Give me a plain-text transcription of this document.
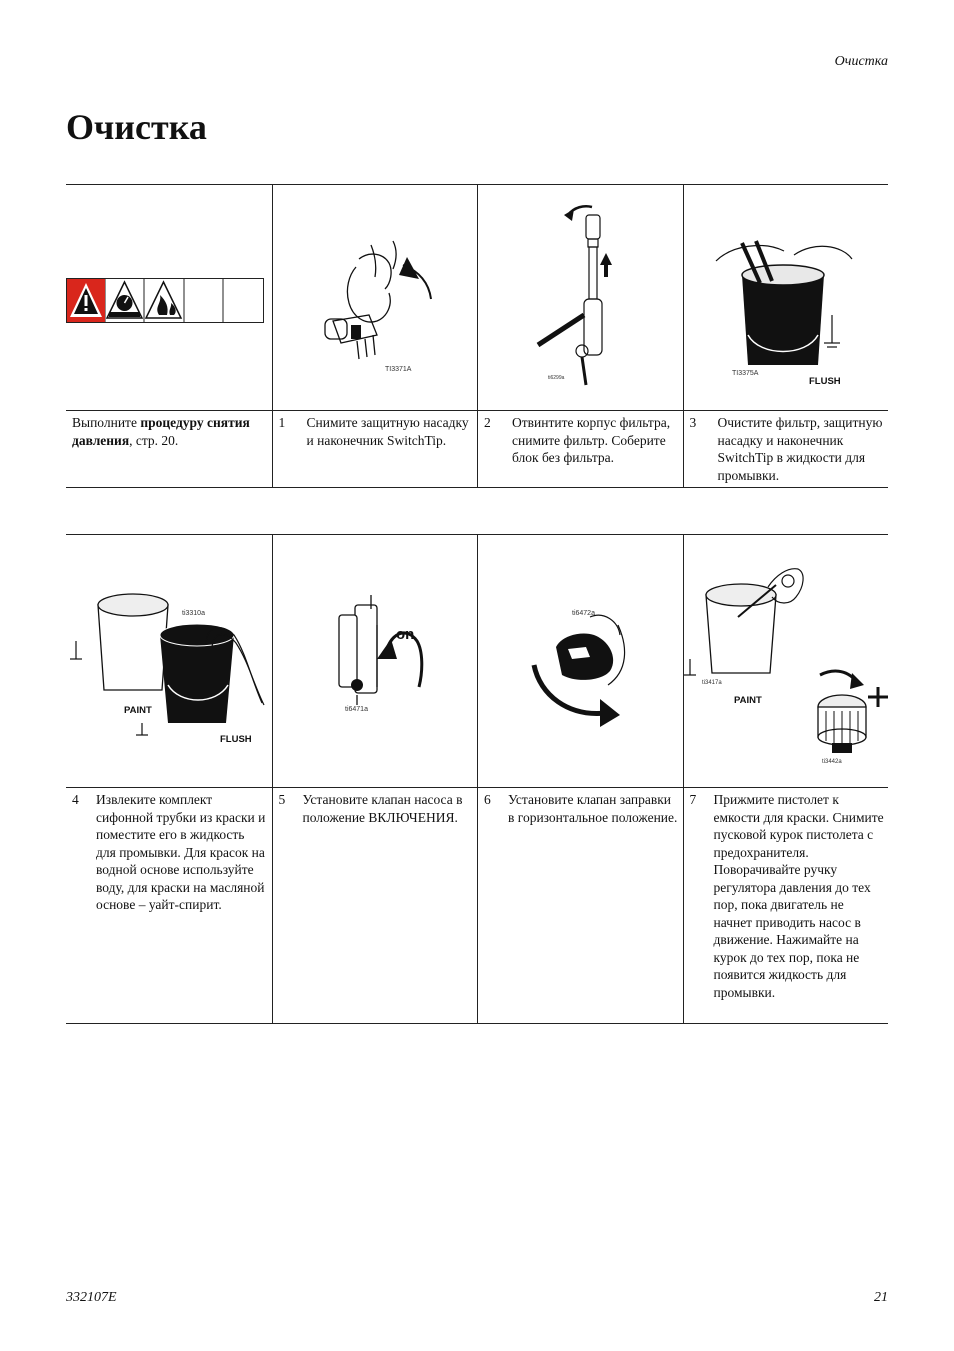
Очистка
Очистка
TI3371A
ti6299a
TI3375A
FLUSH
Выполните процедуру снятия давления, стр. 20.
1	Снимите защитную насадку и наконечник SwitchTip.
2	Отвинтите корпус фильтра, снимите фильтр. Соберите блок без фильтра.
3	Очистите фильтр, защитную насадку и наконечник SwitchTip в жидкости для промывки.
ti3310a
PAINT
FLUSH
on
ti6471a
ti6472a
ti3417a
PAINT
ti3442a
4	Извлеките комплект сифонной трубки из краски и поместите его в жидкость для промывки. Для красок на водной основе используйте воду, для краски на масляной основе – уайт-спирит.
5	Установите клапан насоса в положение ВКЛЮЧЕНИЯ.
6	Установите клапан заправки в горизонтальное положение.
7	Прижмите пистолет к емкости для краски. Снимите пусковой курок пистолета с предохранителя. Поворачивайте ручку регулятора давления до тех пор, пока двигатель не начнет приводить насос в движение. Нажимайте на курок до тех пор, пока не появится жидкость для промывки.
332107E	21
